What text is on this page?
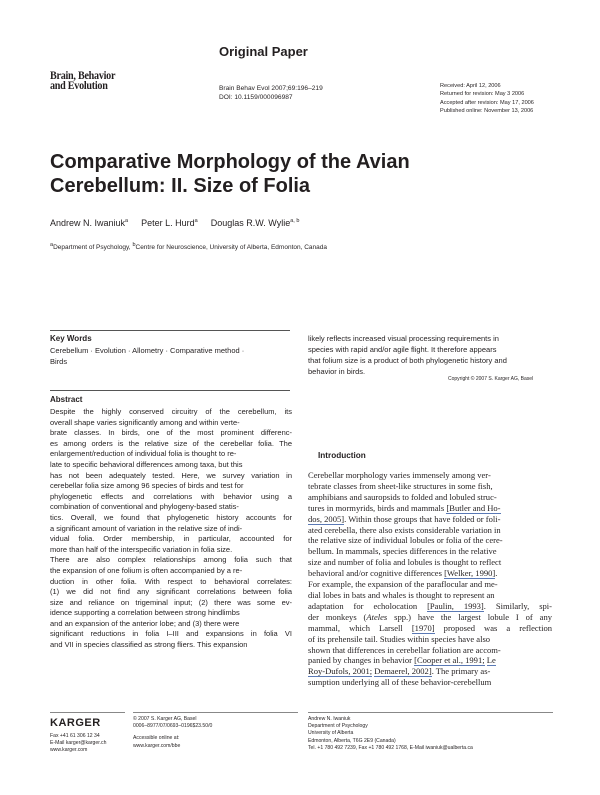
Original Paper
Brain, Behavior
and Evolution	Brain Behav Evol 2007;69:196–219
DOI: 10.1159/000096987
Received: April 12, 2006
Returned for revision: May 3 2006
Accepted after revision: May 17, 2006
Published online: November 13, 2006
Comparative Morphology of the Avian
Cerebellum: II. Size of Folia
Andrew N. Iwaniuk$^a$ Peter L. Hurd$^a$ Douglas R.W. Wylie$^{a, b}$
$^a$Department of Psychology, $^b$Centre for Neuroscience, University of Alberta, Edmonton, Canada
Key Words
Cerebellum · Evolution · Allometry · Comparative method ·
Birds
Abstract
Despite the highly conserved circuitry of the cerebellum, its
overall shape varies significantly among and within verte-
brate classes. In birds, one of the most prominent differenc-
es among orders is the relative size of the cerebellar folia. The
enlargement/reduction of individual folia is thought to re-
late to specific behavioral differences among taxa, but this
has not been adequately tested. Here, we survey variation in
cerebellar folia size among 96 species of birds and test for
phylogenetic effects and correlations with behavior using a
combination of conventional and phylogeny-based statis-
tics. Overall, we found that phylogenetic history accounts for
a significant amount of variation in the relative size of indi-
vidual folia. Order membership, in particular, accounted for
more than half of the interspecific variation in folia size.
There are also complex relationships among folia such that
the expansion of one folium is often accompanied by a re-
duction in other folia. With respect to behavioral correlates:
(1) we did not find any significant correlations between folia
size and reliance on trigeminal input; (2) there was some ev-
idence supporting a correlation between strong hindlimbs
and an expansion of the anterior lobe; and (3) there were
significant reductions in folia I–III and expansions in folia VI
and VII in species classified as strong fliers. This expansion
likely reflects increased visual processing requirements in
species with rapid and/or agile flight. It therefore appears
that folium size is a product of both phylogenetic history and
behavior in birds.
Copyright © 2007 S. Karger AG, Basel
Introduction
Cerebellar morphology varies immensely among ver-
tebrate classes from sheet-like structures in some fish,
amphibians and sauropsids to folded and lobuled struc-
tures in mormyrids, birds and mammals [Butler and Ho-
dos, 2005]. Within those groups that have folded or foli-
ated cerebella, there also exists considerable variation in
the relative size of individual lobules or folia of the cere-
bellum. In mammals, species differences in the relative
size and number of folia and lobules is thought to reflect
behavioral and/or cognitive differences [Welker, 1990].
For example, the expansion of the paraflocular and me-
dial lobes in bats and whales is thought to represent an
adaptation for echolocation [Paulin, 1993]. Similarly, spi-
der monkeys (Ateles spp.) have the largest lobule I of any
mammal, which Larsell [1970] proposed was a reflection
of its prehensile tail. Studies within species have also
shown that differences in cerebellar foliation are accom-
panied by changes in behavior [Cooper et al., 1991; Le
Roy-Dufols, 2001; Demaerel, 2002]. The primary as-
sumption underlying all of these behavior-cerebellum
KARGER
Fax +41 61 306 12 34
E-Mail karger@karger.ch
www.karger.com
© 2007 S. Karger AG, Basel
0006–8977/07/0693–0196$23.50/0
Accessible online at:
www.karger.com/bbe
Andrew N. Iwaniuk
Department of Psychology
University of Alberta
Edmonton, Alberta, T6G 2E9 (Canada)
Tel. +1 780 492 7239, Fax +1 780 492 1768, E-Mail iwaniuk@ualberta.ca
